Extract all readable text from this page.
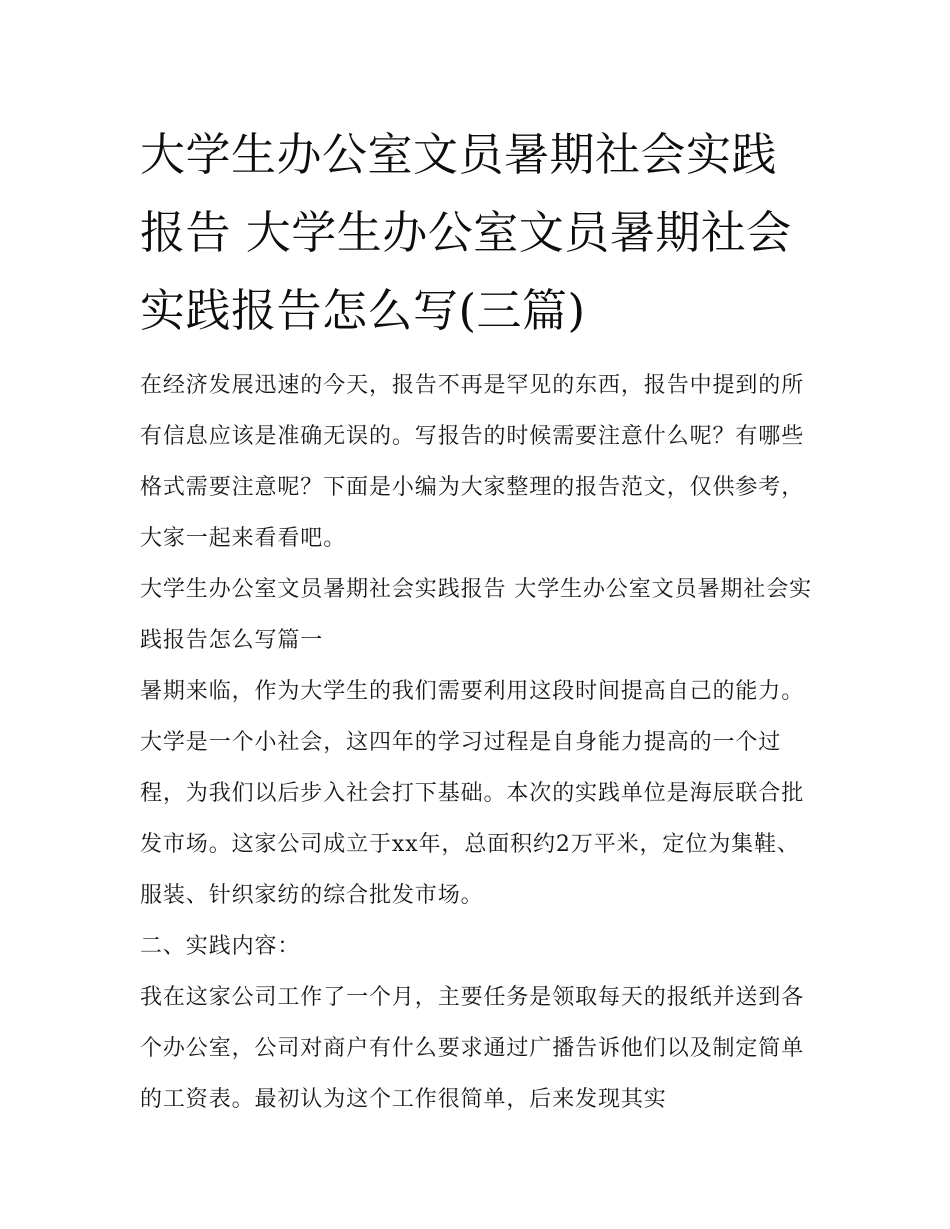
大学生办公室文员暑期社会实践报告 大学生办公室文员暑期社会实践报告怎么写(三篇)

在经济发展迅速的今天，报告不再是罕见的东西，报告中提到的所有信息应该是准确无误的。写报告的时候需要注意什么呢？有哪些格式需要注意呢？下面是小编为大家整理的报告范文，仅供参考，大家一起来看看吧。

大学生办公室文员暑期社会实践报告 大学生办公室文员暑期社会实践报告怎么写篇一

暑期来临，作为大学生的我们需要利用这段时间提高自己的能力。大学是一个小社会，这四年的学习过程是自身能力提高的一个过程，为我们以后步入社会打下基础。本次的实践单位是海辰联合批发市场。这家公司成立于xx年，总面积约2万平米，定位为集鞋、服装、针织家纺的综合批发市场。

二、实践内容：

我在这家公司工作了一个月，主要任务是领取每天的报纸并送到各个办公室，公司对商户有什么要求通过广播告诉他们以及制定简单的工资表。最初认为这个工作很简单，后来发现其实
